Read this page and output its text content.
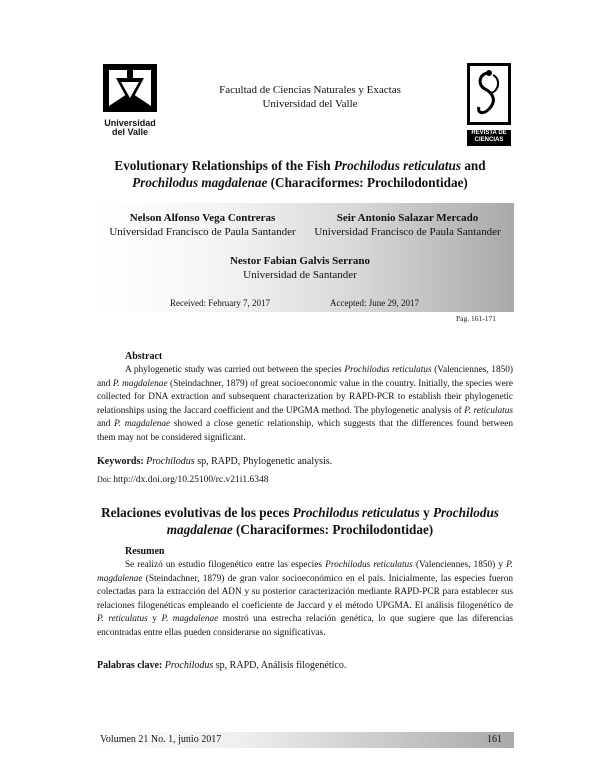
Universidad
del Valle
Facultad de Ciencias Naturales y Exactas
Universidad del Valle
REVISTA DE
CIENCIAS
Evolutionary Relationships of the Fish Prochilodus reticulatus and
Prochilodus magdalenae (Characiformes: Prochilodontidae)
Nelson Alfonso Vega Contreras
Universidad Francisco de Paula Santander
Seir Antonio Salazar Mercado
Universidad Francisco de Paula Santander
Nestor Fabian Galvis Serrano
Universidad de Santander
Received: February 7, 2017	Accepted: June 29, 2017
Pag. 161-171
Abstract
A phylogenetic study was carried out between the species Prochilodus reticulatus (Valenciennes, 1850) and P. magdalenae (Steindachner, 1879) of great socioeconomic value in the country. Initially, the species were collected for DNA extraction and subsequent characterization by RAPD-PCR to establish their phylogenetic relationships using the Jaccard coefficient and the UPGMA method. The phylogenetic analysis of P. reticulatus and P. magdalenae showed a close genetic relationship, which suggests that the differences found between them may not be considered significant.
Keywords: Prochilodus sp, RAPD, Phylogenetic analysis.
Doi: http://dx.doi.org/10.25100/rc.v21i1.6348
Relaciones evolutivas de los peces Prochilodus reticulatus y Prochilodus
magdalenae (Characiformes: Prochilodontidae)
Resumen
Se realizó un estudio filogenético entre las especies Prochilodus reticulatus (Valenciennes, 1850) y P. magdalenae (Steindachner, 1879) de gran valor socioeconómico en el país. Inicialmente, las especies fueron colectadas para la extracción del ADN y su posterior caracterización mediante RAPD-PCR para establecer sus relaciones filogenéticas empleando el coeficiente de Jaccard y el método UPGMA. El análisis filogenético de P. reticulatus y P. magdalenae mostró una estrecha relación genética, lo que sugiere que las diferencias encontradas entre ellas pueden considerarse no significativas.
Palabras clave: Prochilodus sp, RAPD, Análisis filogenético.
Volumen 21 No. 1, junio 2017	161
